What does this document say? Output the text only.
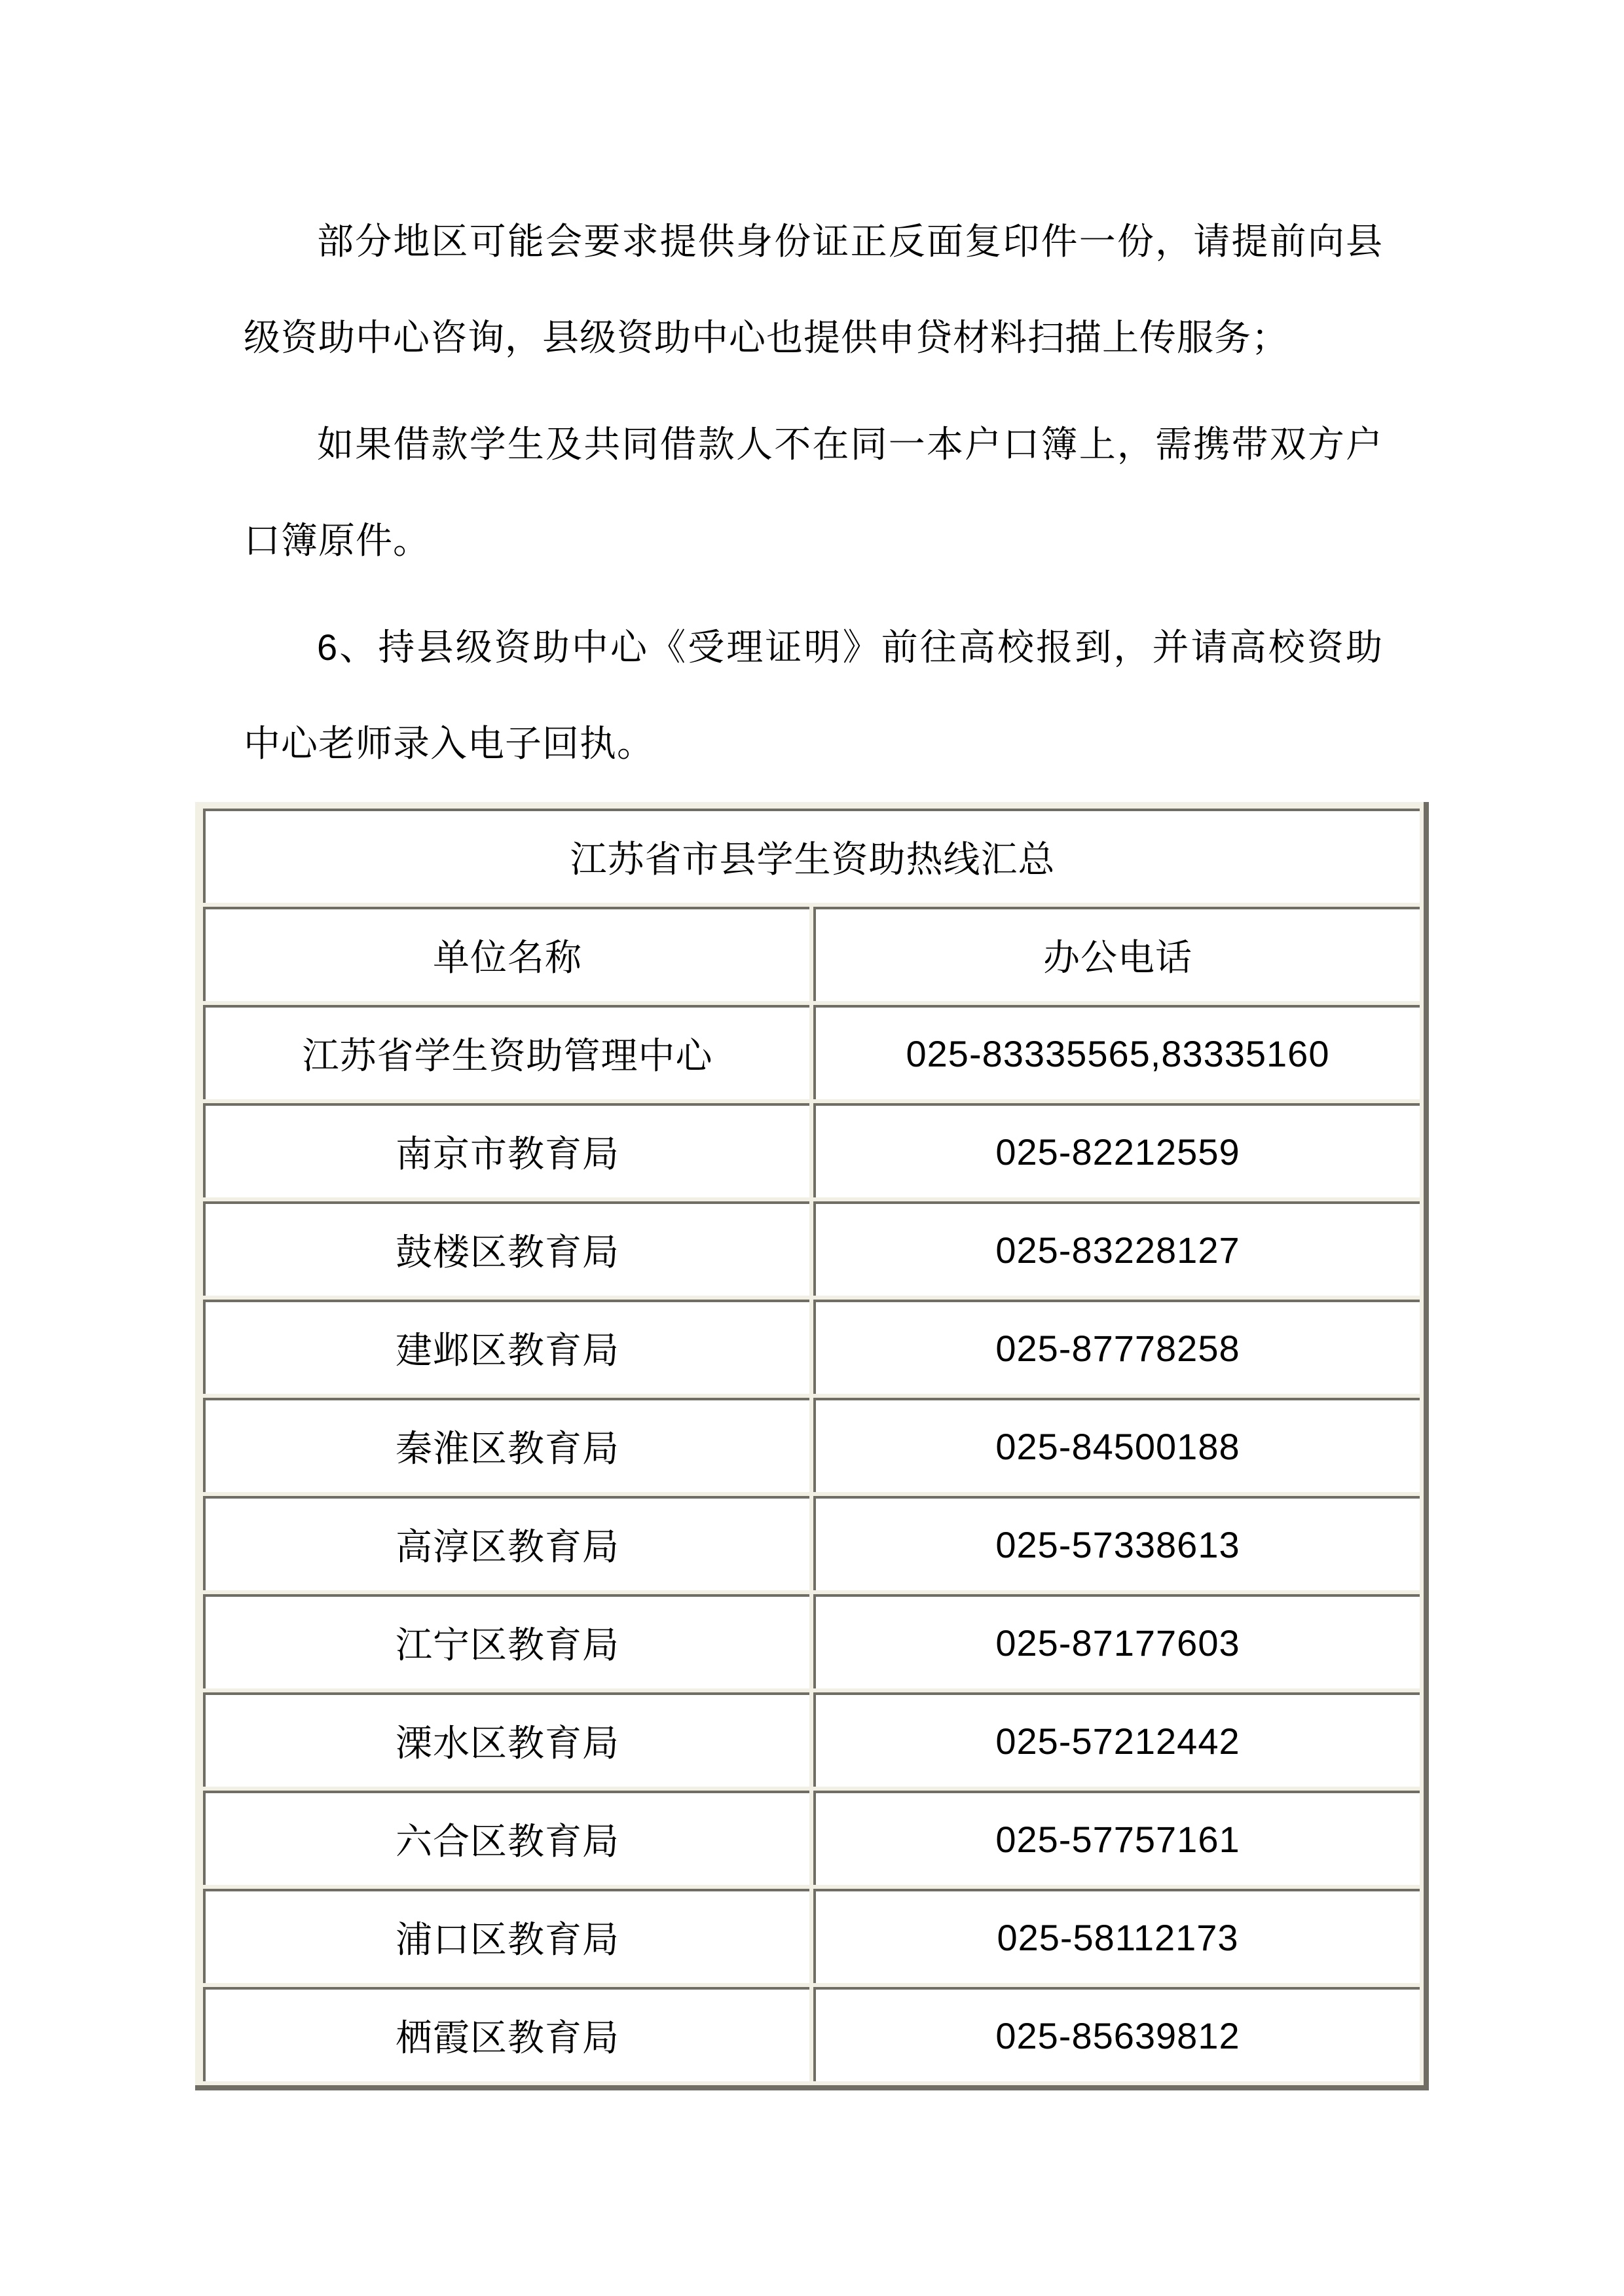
部分地区可能会要求提供身份证正反面复印件一份，请提前向县级资助中心咨询，县级资助中心也提供申贷材料扫描上传服务；

如果借款学生及共同借款人不在同一本户口簿上，需携带双方户口簿原件。

6、持县级资助中心《受理证明》前往高校报到，并请高校资助中心老师录入电子回执。

江苏省市县学生资助热线汇总	
单位名称	办公电话
江苏省学生资助管理中心	025-83335565,83335160
南京市教育局	025-82212559
鼓楼区教育局	025-83228127
建邺区教育局	025-87778258
秦淮区教育局	025-84500188
高淳区教育局	025-57338613
江宁区教育局	025-87177603
溧水区教育局	025-57212442
六合区教育局	025-57757161
浦口区教育局	025-58112173
栖霞区教育局	025-85639812
